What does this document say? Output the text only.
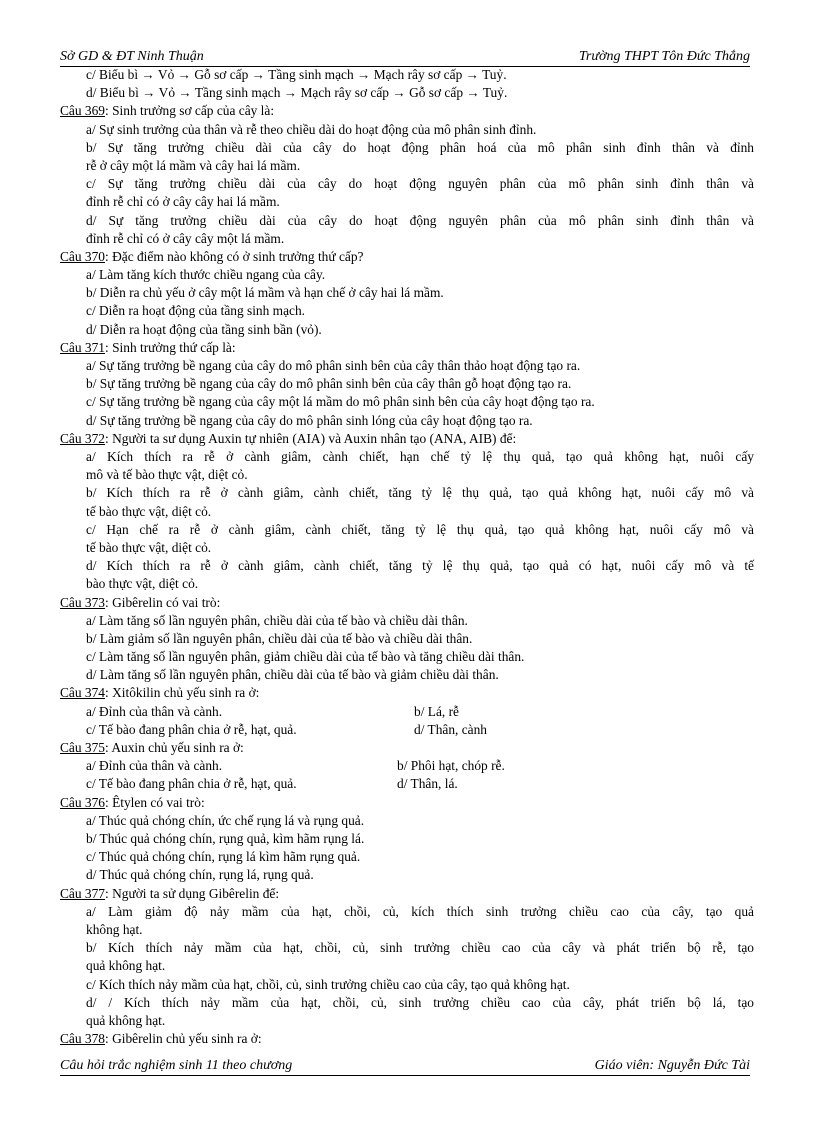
Sở GD & ĐT Ninh Thuận	Trường THPT Tôn Đức Thắng
c/ Biểu bì → Vỏ → Gỗ sơ cấp → Tầng sinh mạch → Mạch rây sơ cấp → Tuỷ.
d/ Biểu bì → Vỏ → Tầng sinh mạch → Mạch rây sơ cấp → Gỗ sơ cấp → Tuỷ.
Câu 369: Sinh trưởng sơ cấp của cây là:
a/ Sự sinh trưởng của thân và rễ theo chiều dài do hoạt động của mô phân sinh đỉnh.
b/ Sự tăng trưởng chiều dài của cây do hoạt động phân hoá của mô phân sinh đỉnh thân và đỉnh
rễ ở cây một lá mầm và cây hai lá mầm.
c/ Sự tăng trưởng chiều dài của cây do hoạt động nguyên phân của mô phân sinh đỉnh thân và
đỉnh rễ chỉ có ở cây cây hai lá mầm.
d/ Sự tăng trưởng chiều dài của cây do hoạt động nguyên phân của mô phân sinh đỉnh thân và
đỉnh rễ chỉ có ở cây cây một lá mầm.
Câu 370: Đặc điểm nào không có ở sinh trưởng thứ cấp?
a/ Làm tăng kích thước chiều ngang của cây.
b/ Diễn ra chủ yếu ở cây một lá mầm và hạn chế ở cây hai lá mầm.
c/ Diễn ra hoạt động của tầng sinh mạch.
d/ Diễn ra hoạt động của tầng sinh bần (vỏ).
Câu 371: Sinh trưởng thứ cấp là:
a/ Sự tăng trưởng bề ngang của cây do mô phân sinh bên của cây thân thảo hoạt động tạo ra.
b/ Sự tăng trưởng bề ngang của cây do mô phân sinh bên của cây thân gỗ hoạt động tạo ra.
c/ Sự tăng trưởng bề ngang của cây một lá mầm do mô phân sinh bên của cây hoạt động tạo ra.
d/ Sự tăng trưởng bề ngang của cây do mô phân sinh lóng của cây hoạt động tạo ra.
Câu 372: Người ta sư dụng Auxin tự nhiên (AIA) và Auxin nhân tạo (ANA, AIB) để:
a/ Kích thích ra rễ ở cành giâm, cành chiết, hạn chế tỷ lệ thụ quả, tạo quả không hạt, nuôi cấy
mô và tế bào thực vật, diệt cỏ.
b/ Kích thích ra rễ ở cành giâm, cành chiết, tăng tỷ lệ thụ quả, tạo quả không hạt, nuôi cấy mô và
tế bào thực vật, diệt cỏ.
c/ Hạn chế ra rễ ở cành giâm, cành chiết, tăng tỷ lệ thụ quả, tạo quả không hạt, nuôi cấy mô và
tế bào thực vật, diệt cỏ.
d/ Kích thích ra rễ ở cành giâm, cành chiết, tăng tỷ lệ thụ quả, tạo quả có hạt, nuôi cấy mô và tế
bào thực vật, diệt cỏ.
Câu 373: Gibêrelin có vai trò:
a/ Làm tăng số lần nguyên phân, chiều dài của tế bào và chiều dài thân.
b/ Làm giảm số lần nguyên phân, chiều dài của tế bào và chiều dài thân.
c/ Làm tăng số lần nguyên phân, giảm chiều dài của tế bào và tăng chiều dài thân.
d/ Làm tăng số lần nguyên phân, chiều dài của tế bào và giảm chiều dài thân.
Câu 374: Xitôkilin chủ yếu sinh ra ở:
a/ Đỉnh của thân và cành.	b/ Lá, rễ
c/ Tế bào đang phân chia ở rễ, hạt, quả.	d/ Thân, cành
Câu 375: Auxin chủ yếu sinh ra ở:
a/ Đỉnh của thân và cành.	b/ Phôi hạt, chóp rễ.
c/ Tế bào đang phân chia ở rễ, hạt, quả.	d/ Thân, lá.
Câu 376: Êtylen có vai trò:
a/ Thúc quả chóng chín, ức chế rụng lá và rụng quả.
b/ Thúc quả chóng chín, rụng quả, kìm hãm rụng lá.
c/ Thúc quả chóng chín, rụng lá kìm hãm rụng quả.
d/ Thúc quả chóng chín, rụng lá, rụng quả.
Câu 377: Người ta sử dụng Gibêrelin để:
a/ Làm giảm độ nảy mầm của hạt, chồi, củ, kích thích sinh trưởng chiều cao của cây, tạo quả
không hạt.
b/ Kích thích nảy mầm của hạt, chồi, củ, sinh trưởng chiều cao của cây và phát triển bộ rễ, tạo
quả không hạt.
c/ Kích thích nảy mầm của hạt, chồi, củ, sinh trưởng chiều cao của cây, tạo quả không hạt.
d/ / Kích thích nảy mầm của hạt, chồi, củ, sinh trưởng chiều cao của cây, phát triển bộ lá, tạo
quả không hạt.
Câu 378: Gibêrelin chủ yếu sinh ra ở:
Câu hỏi trắc nghiệm sinh 11 theo chương	Giáo viên: Nguyễn Đức Tài
